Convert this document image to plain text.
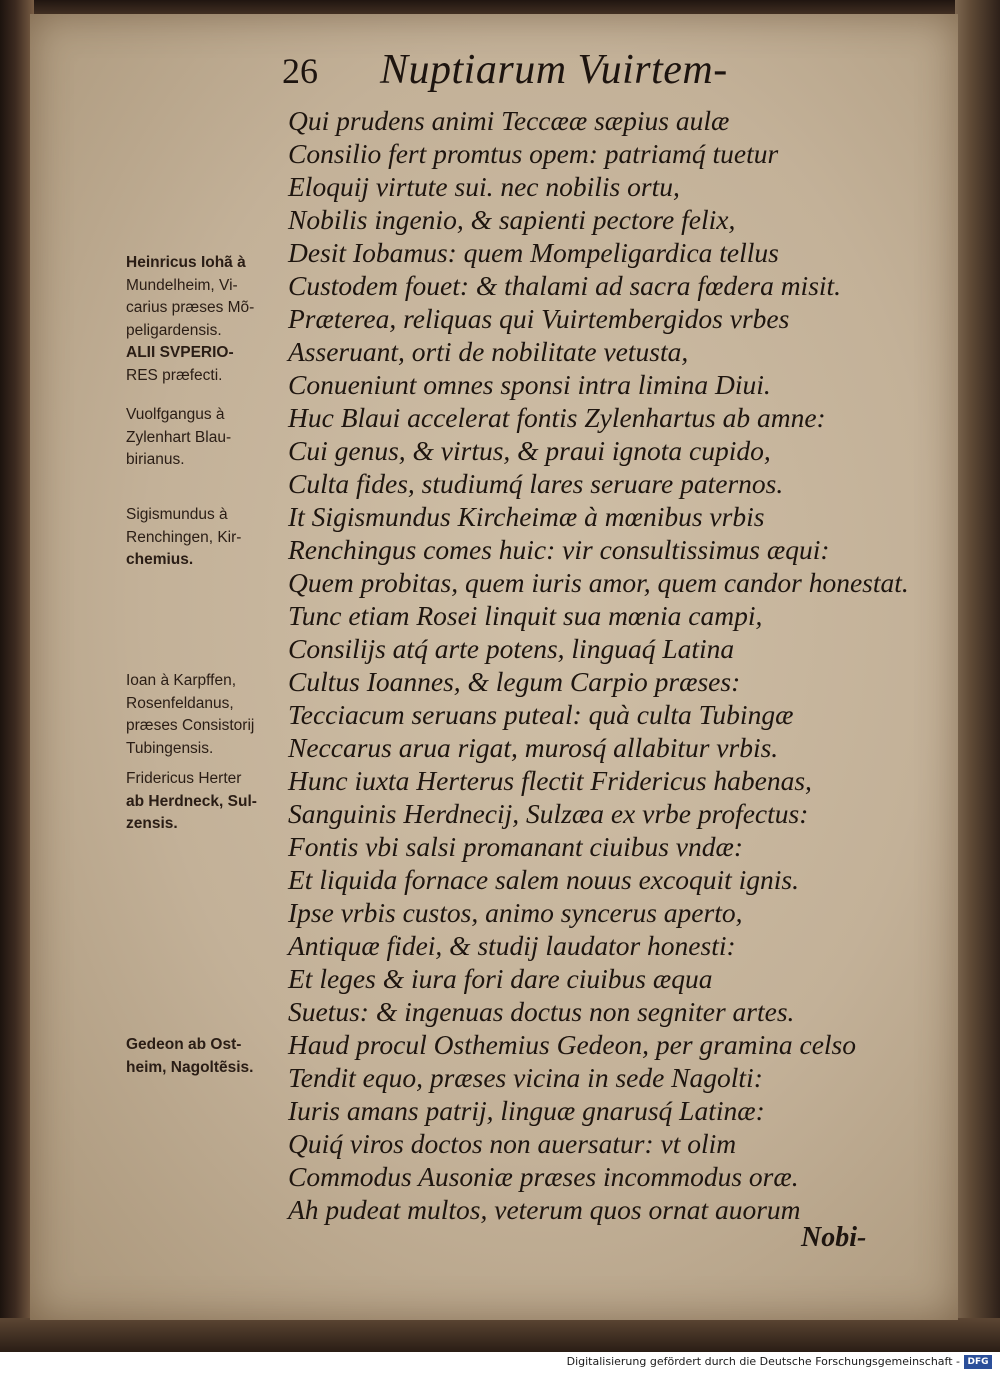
26 Nuptiarum Vuirtem-
Qui prudens animi Teccææ sæpius aulæ
Consilio fert promtus opem: patriamq́ tuetur
Eloquij virtute sui. nec nobilis ortu,
Nobilis ingenio, & sapienti pectore felix,
Desit Iobamus: quem Mompeligardica tellus
Custodem fouet: & thalami ad sacra fœdera misit.
Præterea, reliquas qui Vuirtembergidos vrbes
Asseruant, orti de nobilitate vetusta,
Conueniunt omnes sponsi intra limina Diui.
Huc Blaui accelerat fontis Zylenhartus ab amne:
Cui genus, & virtus, & praui ignota cupido,
Culta fides, studiumq́ lares seruare paternos.
It Sigismundus Kircheimæ à mœnibus vrbis
Renchingus comes huic: vir consultissimus æqui:
Quem probitas, quem iuris amor, quem candor honestat.
Tunc etiam Rosei linquit sua mœnia campi,
Consilijs atq́ arte potens, linguaq́ Latina
Cultus Ioannes, & legum Carpio præses:
Tecciacum seruans puteal: quà culta Tubingæ
Neccarus arua rigat, murosq́ allabitur vrbis.
Hunc iuxta Herterus flectit Fridericus habenas,
Sanguinis Herdnecij, Sulzæa ex vrbe profectus:
Fontis vbi salsi promanant ciuibus vndæ:
Et liquida fornace salem nouus excoquit ignis.
Ipse vrbis custos, animo syncerus aperto,
Antiquæ fidei, & studij laudator honesti:
Et leges & iura fori dare ciuibus æqua
Suetus: & ingenuas doctus non segniter artes.
Haud procul Osthemius Gedeon, per gramina celso
Tendit equo, præses vicina in sede Nagolti:
Iuris amans patrij, linguæ gnarusq́ Latinæ:
Quiq́ viros doctos non auersatur: vt olim
Commodus Ausoniæ præses incommodus oræ.
Ah pudeat multos, veterum quos ornat auorum
Nobi-
Heinricus Iohã à
Mundelheim, Vi-
carius præses Mõ-
peligardensis.
ALII SVPERIO-
RES præfecti.
Vuolfgangus à
Zylenhart Blau-
birianus.
Sigismundus à
Renchingen, Kir-
chemius.
Ioan à Karpffen,
Rosenfeldanus,
præses Consistorij
Tubingensis.
Fridericus Herter
ab Herdneck, Sul-
zensis.
Gedeon ab Ost-
heim, Nagoltẽsis.
Digitalisierung gefördert durch die Deutsche Forschungsgemeinschaft - DFG
